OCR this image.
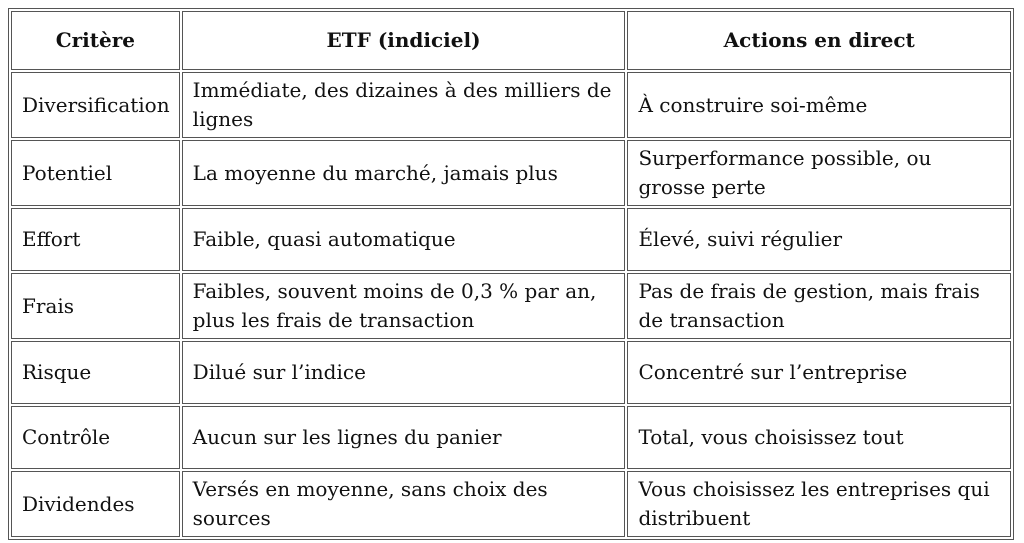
Critère	ETF (indiciel)	Actions en direct
Diversification	Immédiate, des dizaines à des milliers de lignes	À construire soi-même
Potentiel	La moyenne du marché, jamais plus	Surperformance possible, ou grosse perte
Effort	Faible, quasi automatique	Élevé, suivi régulier
Frais	Faibles, souvent moins de 0,3 % par an, plus les frais de transaction	Pas de frais de gestion, mais frais de transaction
Risque	Dilué sur l’indice	Concentré sur l’entreprise
Contrôle	Aucun sur les lignes du panier	Total, vous choisissez tout
Dividendes	Versés en moyenne, sans choix des sources	Vous choisissez les entreprises qui distribuent
